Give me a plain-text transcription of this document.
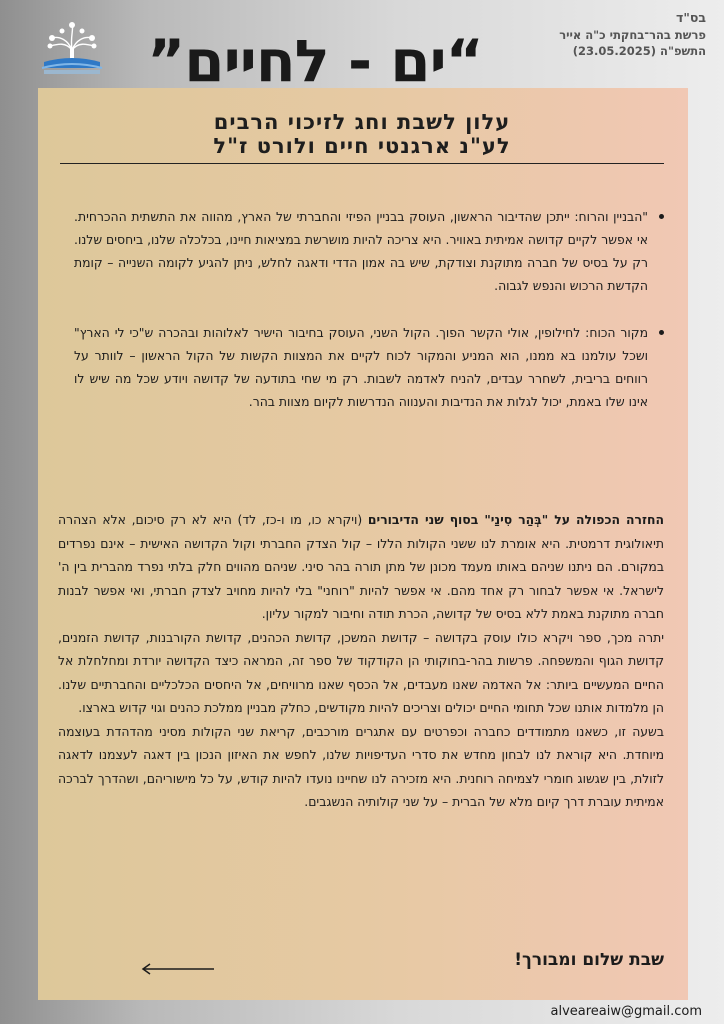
“ים - לחיים”
בס"ד
פרשת בהר־בחקתי כ"ה אייר
התשפ"ה (23.05.2025)
עלון לשבת וחג לזיכוי הרבים
לע"נ ארגנטי חיים ולורט ז"ל
"הבניין והרוח: ייתכן שהדיבור הראשון, העוסק בבניין הפיזי והחברתי של הארץ, מהווה את התשתית ההכרחית. אי אפשר לקיים קדושה אמיתית באוויר. היא צריכה להיות מושרשת במציאות חיינו, בכלכלה שלנו, ביחסים שלנו. רק על בסיס של חברה מתוקנת וצודקת, שיש בה אמון הדדי ודאגה לחלש, ניתן להגיע לקומה השנייה – קומת הקדשת הרכוש והנפש לגבוה.
מקור הכוח: לחילופין, אולי הקשר הפוך. הקול השני, העוסק בחיבור הישיר לאלוהות ובהכרה ש"כי לי הארץ" ושכל עולמנו בא ממנו, הוא המניע והמקור לכוח לקיים את המצוות הקשות של הקול הראשון – לוותר על רווחים בריבית, לשחרר עבדים, להניח לאדמה לשבות. רק מי שחי בתודעה של קדושה ויודע שכל מה שיש לו אינו שלו באמת, יכול לגלות את הנדיבות והענווה הנדרשות לקיום מצוות בהר.

החזרה הכפולה על "בְּהַר סִינַי" בסוף שני הדיבורים (ויקרא כו, מו ו-כז, לד) היא לא רק סיכום, אלא הצהרה תיאולוגית דרמטית. היא אומרת לנו ששני הקולות הללו – קול הצדק החברתי וקול הקדושה האישית – אינם נפרדים במקורם. הם ניתנו שניהם באותו מעמד מכונן של מתן תורה בהר סיני. שניהם מהווים חלק בלתי נפרד מהברית בין ה' לישראל. אי אפשר לבחור רק אחד מהם. אי אפשר להיות "רוחני" בלי להיות מחויב לצדק חברתי, ואי אפשר לבנות חברה מתוקנת באמת ללא בסיס של קדושה, הכרת תודה וחיבור למקור עליון.

יתרה מכך, ספר ויקרא כולו עוסק בקדושה – קדושת המשכן, קדושת הכהנים, קדושת הקורבנות, קדושת הזמנים, קדושת הגוף והמשפחה. פרשות בהר-בחוקותי הן הקודקוד של ספר זה, המראה כיצד הקדושה יורדת ומחלחלת אל החיים המעשיים ביותר: אל האדמה שאנו מעבדים, אל הכסף שאנו מרוויחים, אל היחסים הכלכליים והחברתיים שלנו. הן מלמדות אותנו שכל תחומי החיים יכולים וצריכים להיות מקודשים, כחלק מבניין ממלכת כהנים וגוי קדוש בארצו.

בשעה זו, כשאנו מתמודדים כחברה וכפרטים עם אתגרים מורכבים, קריאת שני הקולות מסיני מהדהדת בעוצמה מיוחדת. היא קוראת לנו לבחון מחדש את סדרי העדיפויות שלנו, לחפש את האיזון הנכון בין דאגה לעצמנו לדאגה לזולת, בין שגשוג חומרי לצמיחה רוחנית. היא מזכירה לנו שחיינו נועדו להיות קודש, על כל מישוריהם, ושהדרך לברכה אמיתית עוברת דרך קיום מלא של הברית – על שני קולותיה הנשגבים.

שבת שלום ומבורך!
alveareaiw@gmail.com
